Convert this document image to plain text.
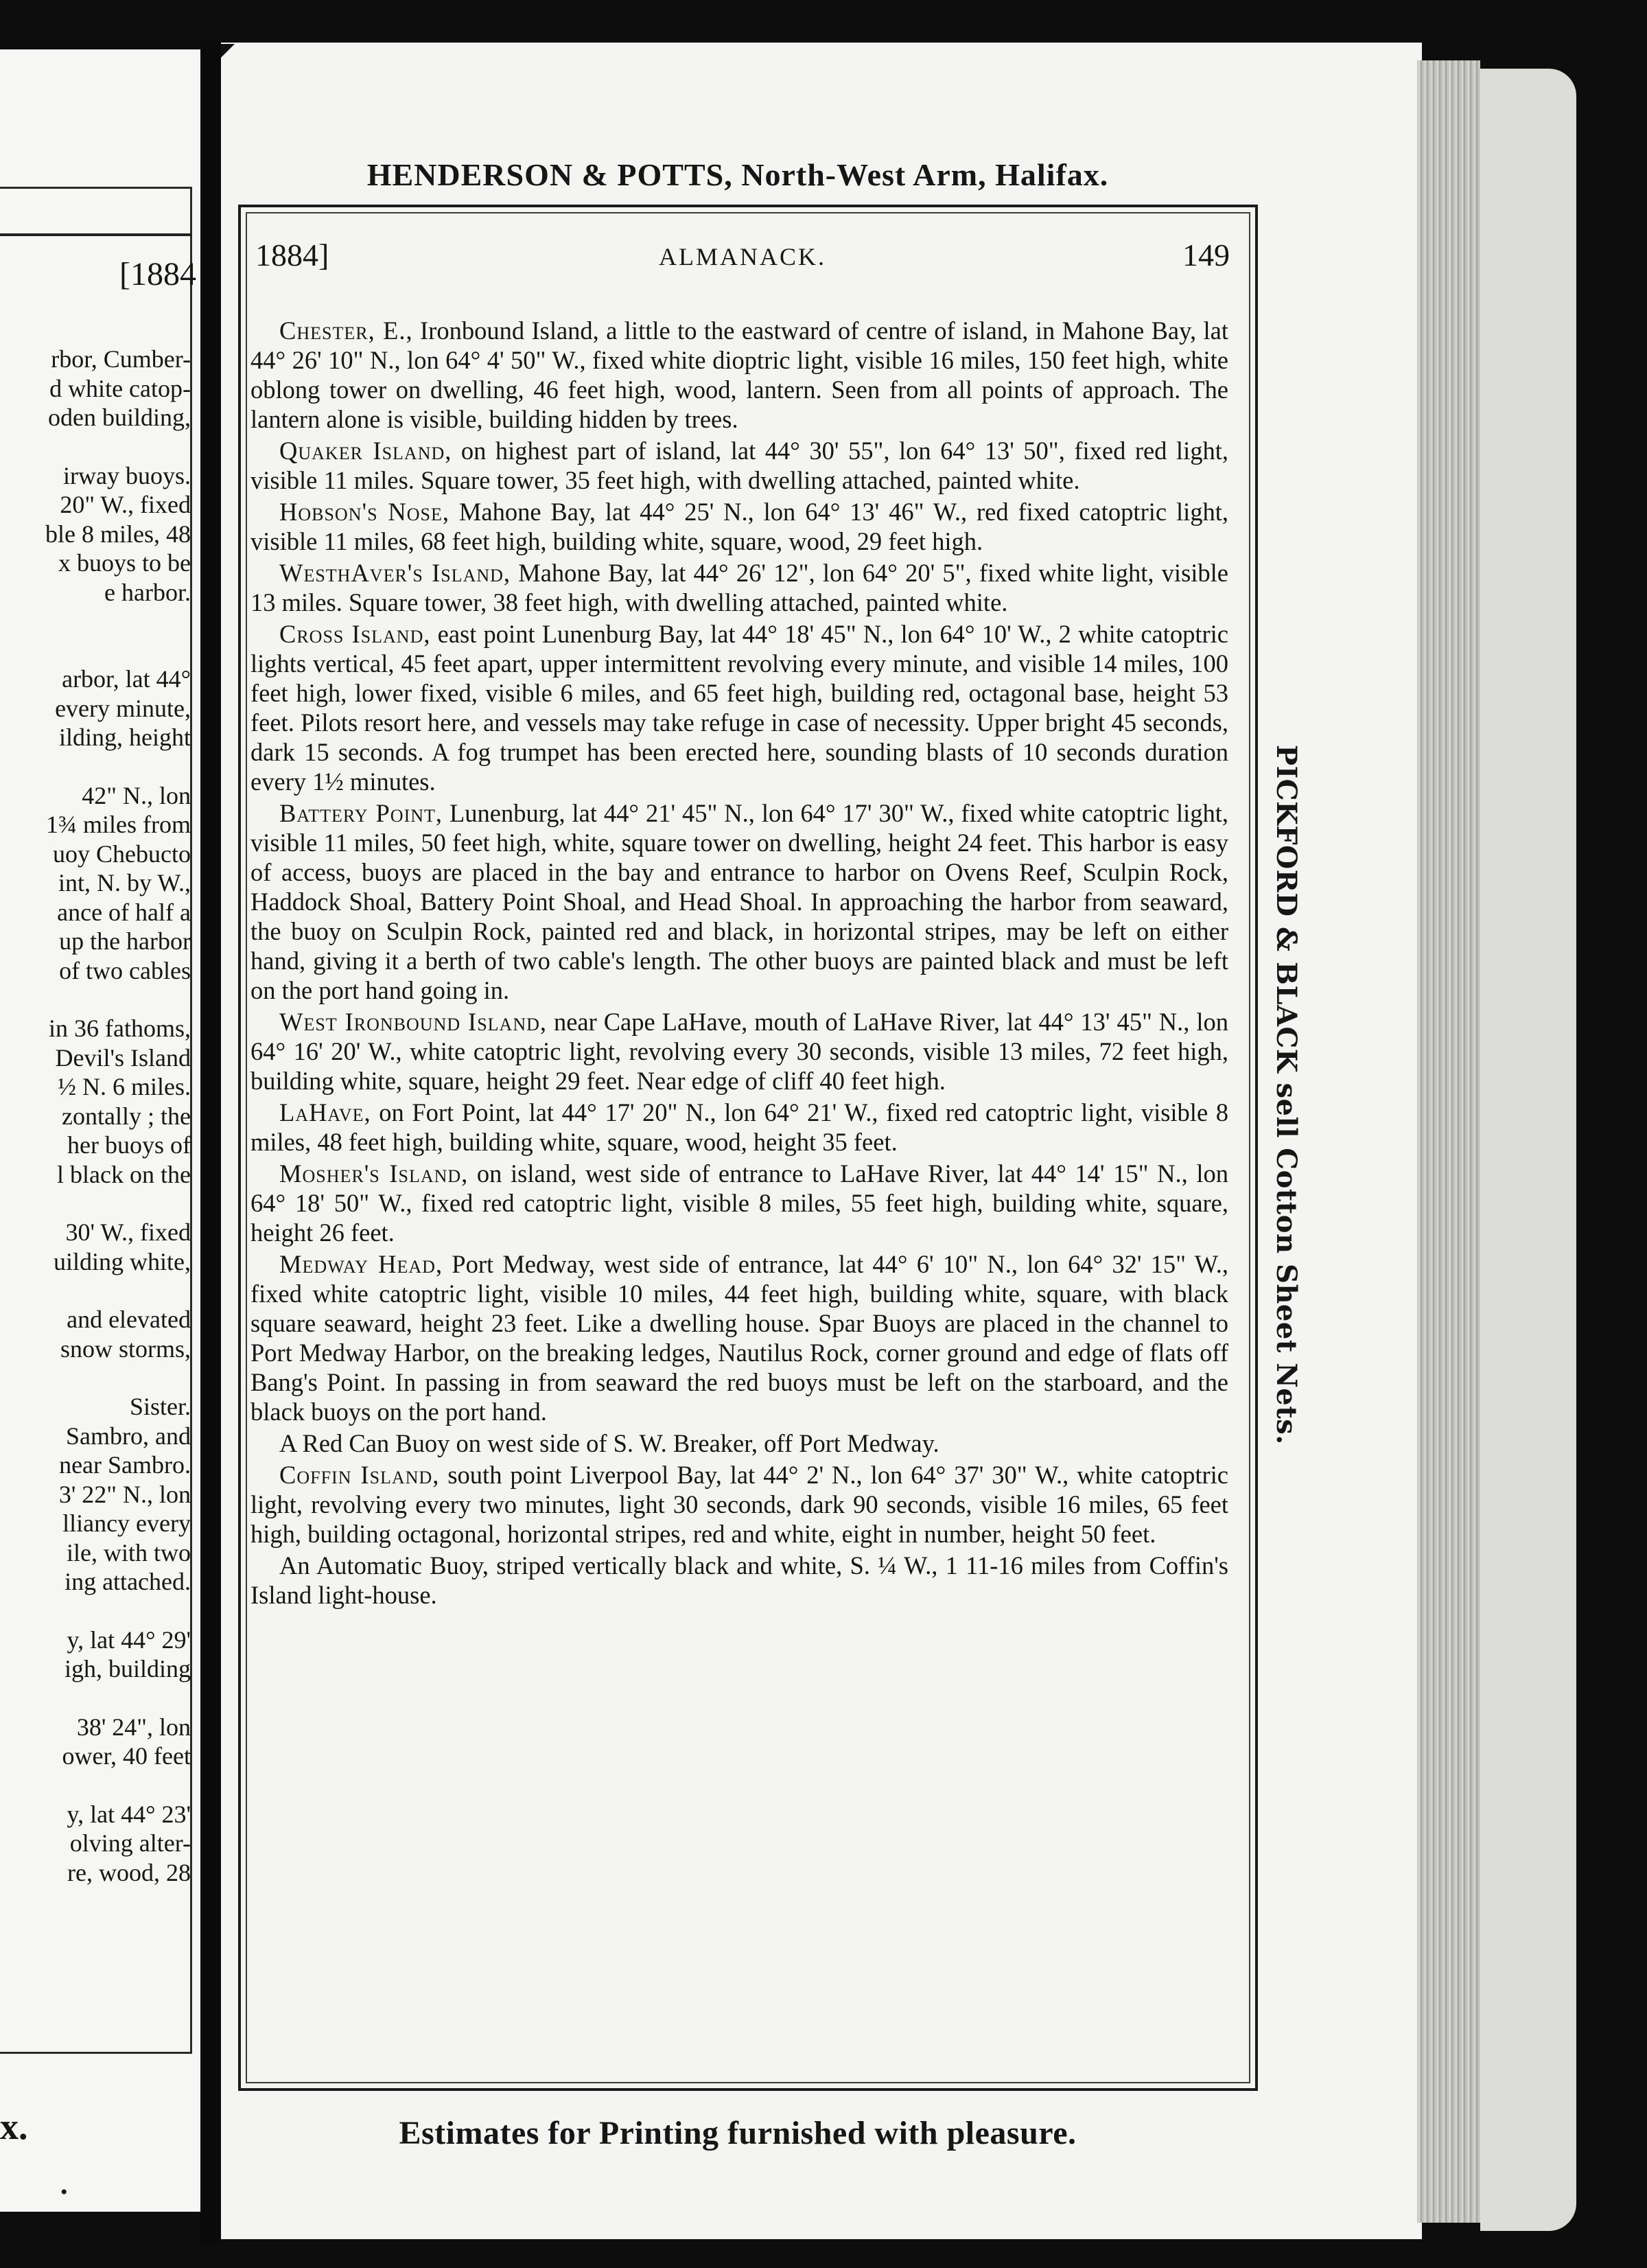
[1884
rbor, Cumber-
d white catop-
oden building,
irway buoys.
20" W., fixed
ble 8 miles, 48
x buoys to be
e harbor.
arbor, lat 44°
every minute,
ilding, height
42" N., lon
1¾ miles from
uoy Chebucto
int, N. by W.,
ance of half a
up the harbor
of two cables
in 36 fathoms,
Devil's Island
½ N. 6 miles.
zontally ; the
her buoys of
l black on the
30' W., fixed
uilding white,
and elevated
snow storms,
Sister.
Sambro, and
near Sambro.
3' 22" N., lon
lliancy every
ile, with two
ing attached.
y, lat 44° 29'
igh, building
38' 24", lon
ower, 40 feet
y, lat 44° 23'
olving alter-
re, wood, 28
x.
•
HENDERSON & POTTS, North-West Arm, Halifax.
ALMANACK.
1884]	149

Chester, E., Ironbound Island, a little to the eastward of centre of island, in Mahone Bay, lat 44° 26' 10" N., lon 64° 4' 50" W., fixed white dioptric light, visible 16 miles, 150 feet high, white oblong tower on dwelling, 46 feet high, wood, lantern. Seen from all points of approach. The lantern alone is visible, building hidden by trees.

Quaker Island, on highest part of island, lat 44° 30' 55", lon 64° 13' 50", fixed red light, visible 11 miles. Square tower, 35 feet high, with dwelling attached, painted white.

Hobson's Nose, Mahone Bay, lat 44° 25' N., lon 64° 13' 46" W., red fixed catoptric light, visible 11 miles, 68 feet high, building white, square, wood, 29 feet high.

WesthAver's Island, Mahone Bay, lat 44° 26' 12", lon 64° 20' 5", fixed white light, visible 13 miles. Square tower, 38 feet high, with dwelling attached, painted white.

Cross Island, east point Lunenburg Bay, lat 44° 18' 45" N., lon 64° 10' W., 2 white catoptric lights vertical, 45 feet apart, upper intermittent revolving every minute, and visible 14 miles, 100 feet high, lower fixed, visible 6 miles, and 65 feet high, building red, octagonal base, height 53 feet. Pilots resort here, and vessels may take refuge in case of necessity. Upper bright 45 seconds, dark 15 seconds. A fog trumpet has been erected here, sounding blasts of 10 seconds duration every 1½ minutes.

Battery Point, Lunenburg, lat 44° 21' 45" N., lon 64° 17' 30" W., fixed white catoptric light, visible 11 miles, 50 feet high, white, square tower on dwelling, height 24 feet. This harbor is easy of access, buoys are placed in the bay and entrance to harbor on Ovens Reef, Sculpin Rock, Haddock Shoal, Battery Point Shoal, and Head Shoal. In approaching the harbor from seaward, the buoy on Sculpin Rock, painted red and black, in horizontal stripes, may be left on either hand, giving it a berth of two cable's length. The other buoys are painted black and must be left on the port hand going in.

West Ironbound Island, near Cape LaHave, mouth of LaHave River, lat 44° 13' 45" N., lon 64° 16' 20' W., white catoptric light, revolving every 30 seconds, visible 13 miles, 72 feet high, building white, square, height 29 feet. Near edge of cliff 40 feet high.

LaHave, on Fort Point, lat 44° 17' 20" N., lon 64° 21' W., fixed red catoptric light, visible 8 miles, 48 feet high, building white, square, wood, height 35 feet.

Mosher's Island, on island, west side of entrance to LaHave River, lat 44° 14' 15" N., lon 64° 18' 50" W., fixed red catoptric light, visible 8 miles, 55 feet high, building white, square, height 26 feet.

Medway Head, Port Medway, west side of entrance, lat 44° 6' 10" N., lon 64° 32' 15" W., fixed white catoptric light, visible 10 miles, 44 feet high, building white, square, with black square seaward, height 23 feet. Like a dwelling house. Spar Buoys are placed in the channel to Port Medway Harbor, on the breaking ledges, Nautilus Rock, corner ground and edge of flats off Bang's Point. In passing in from seaward the red buoys must be left on the starboard, and the black buoys on the port hand.

A Red Can Buoy on west side of S. W. Breaker, off Port Medway.

Coffin Island, south point Liverpool Bay, lat 44° 2' N., lon 64° 37' 30" W., white catoptric light, revolving every two minutes, light 30 seconds, dark 90 seconds, visible 16 miles, 65 feet high, building octagonal, horizontal stripes, red and white, eight in number, height 50 feet.

An Automatic Buoy, striped vertically black and white, S. ¼ W., 1 11-16 miles from Coffin's Island light-house.

PICKFORD & BLACK sell Cotton Sheet Nets.
Estimates for Printing furnished with pleasure.
